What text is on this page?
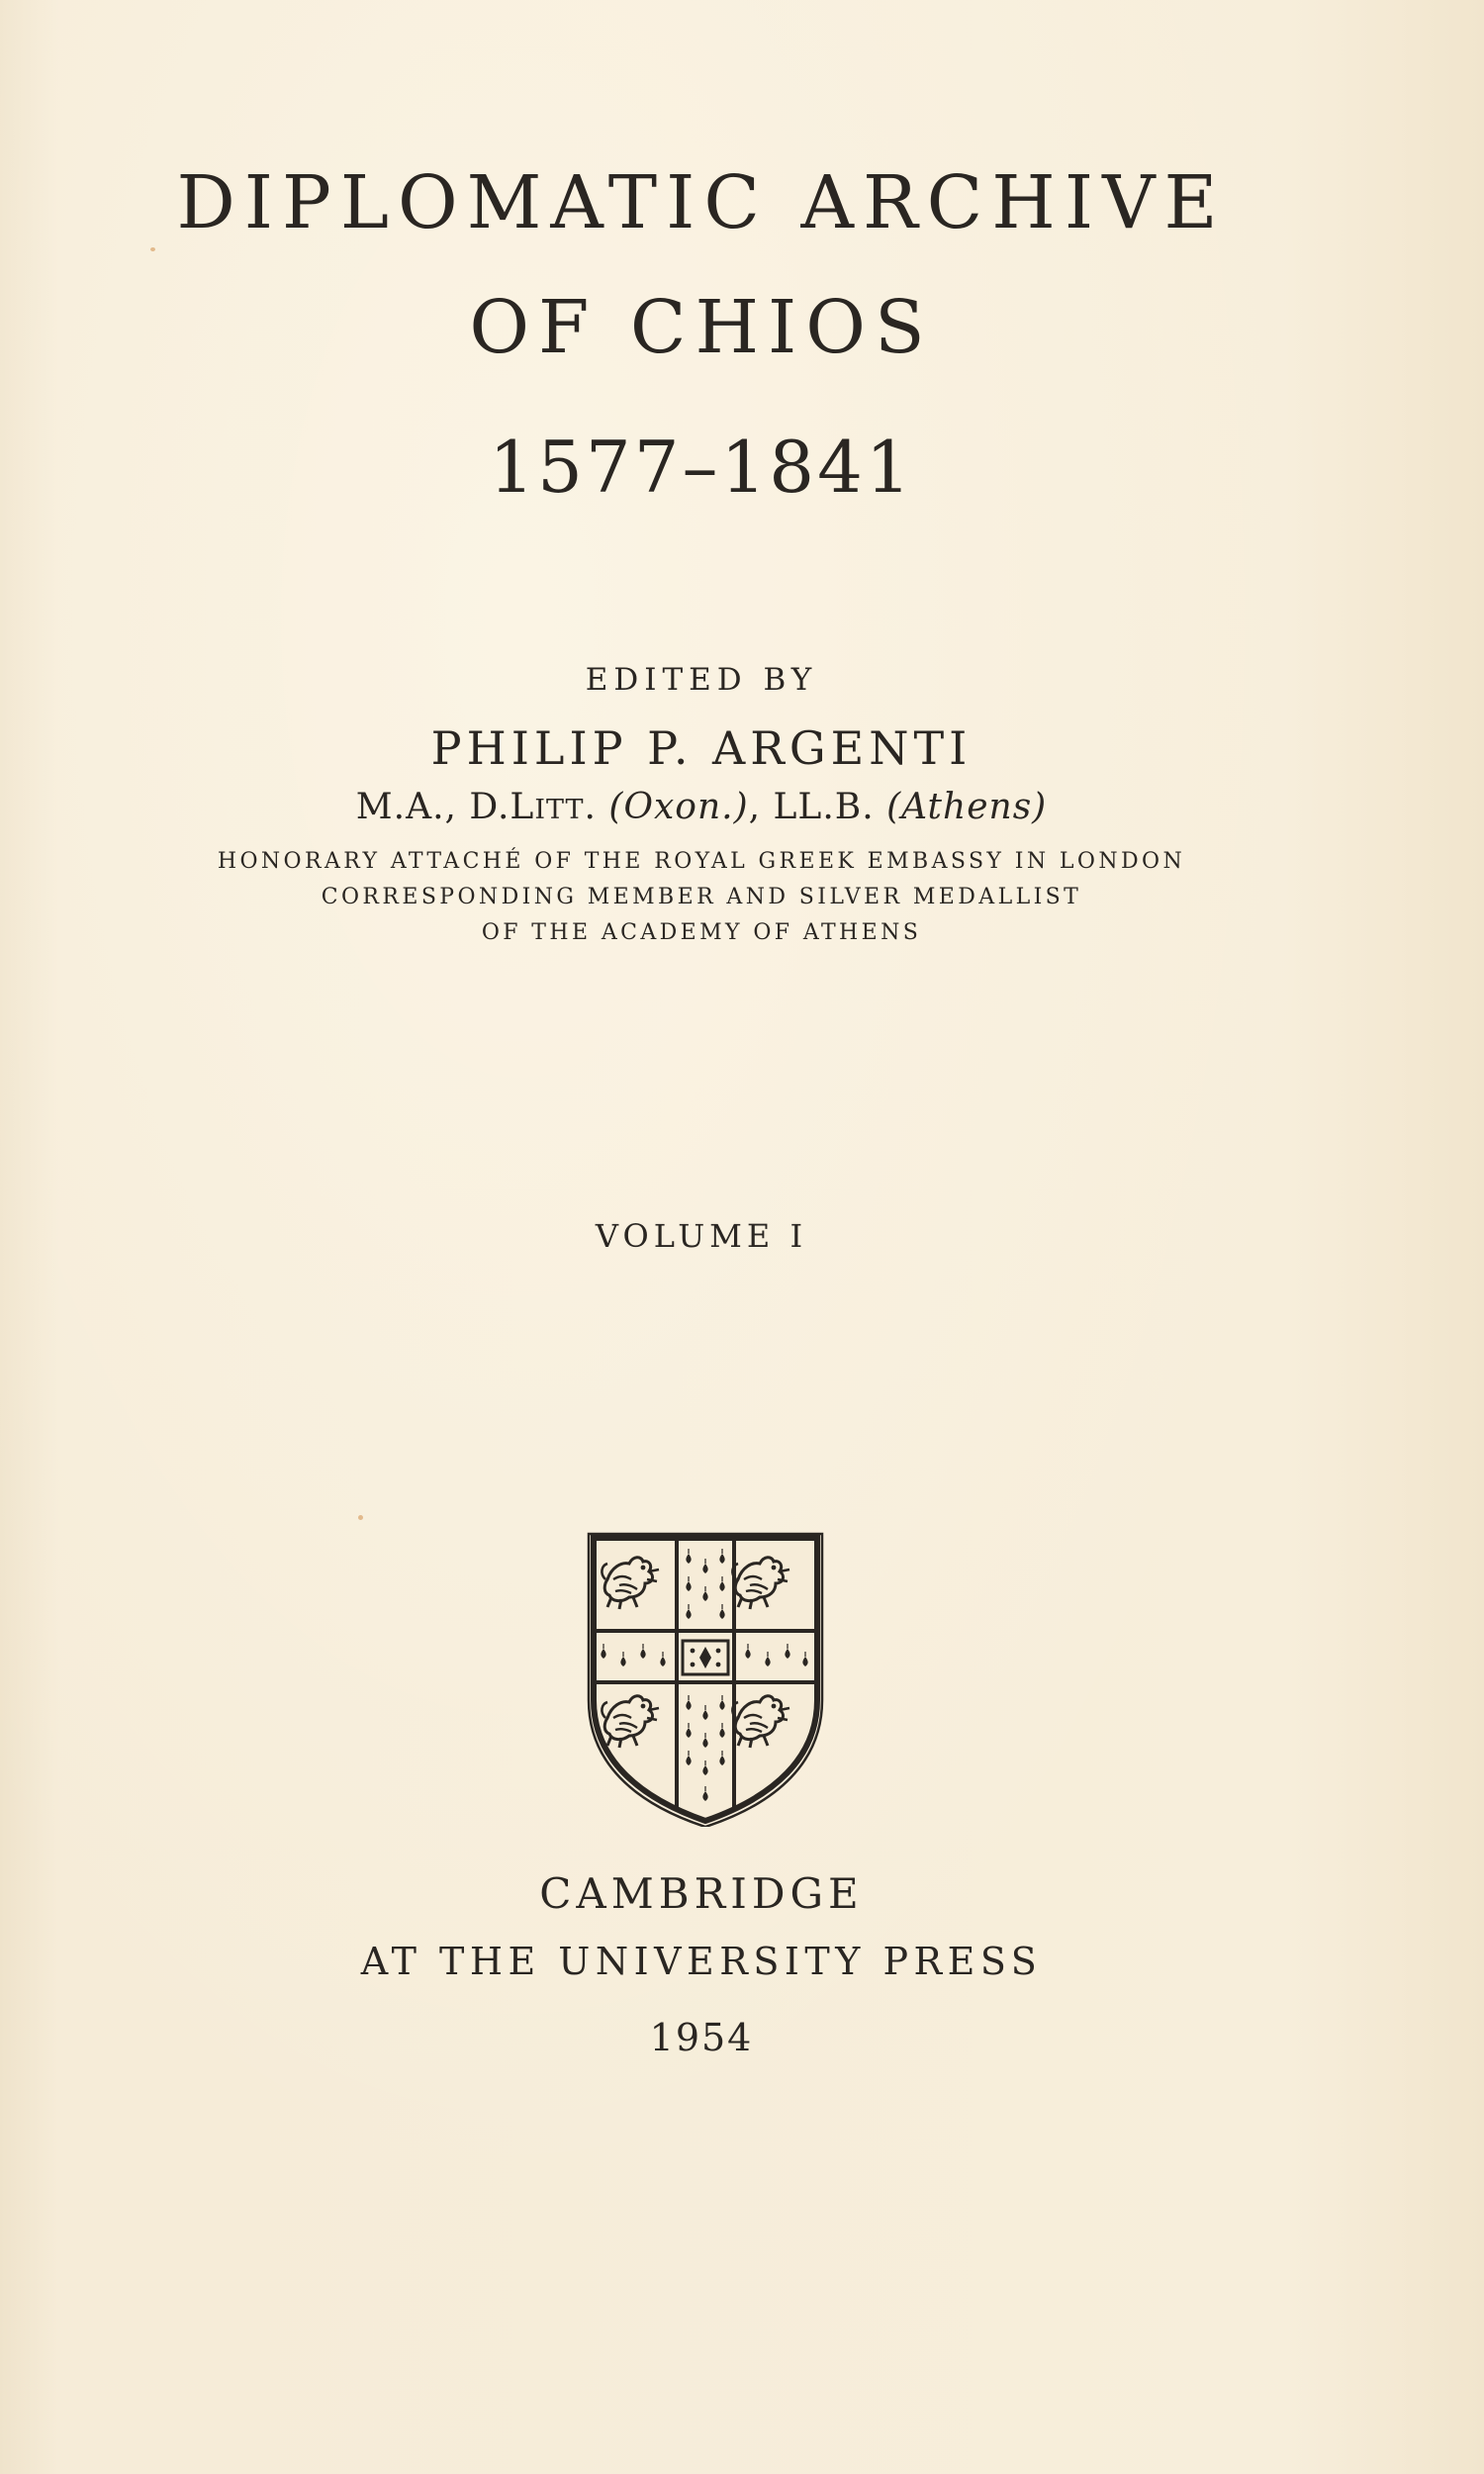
DIPLOMATIC ARCHIVE
OF CHIOS
1577–1841
EDITED BY
PHILIP P. ARGENTI
M.A., D.LITT. (Oxon.), LL.B. (Athens)
HONORARY ATTACHÉ OF THE ROYAL GREEK EMBASSY IN LONDON
CORRESPONDING MEMBER AND SILVER MEDALLIST
OF THE ACADEMY OF ATHENS
VOLUME I
CAMBRIDGE
AT THE UNIVERSITY PRESS
1954
